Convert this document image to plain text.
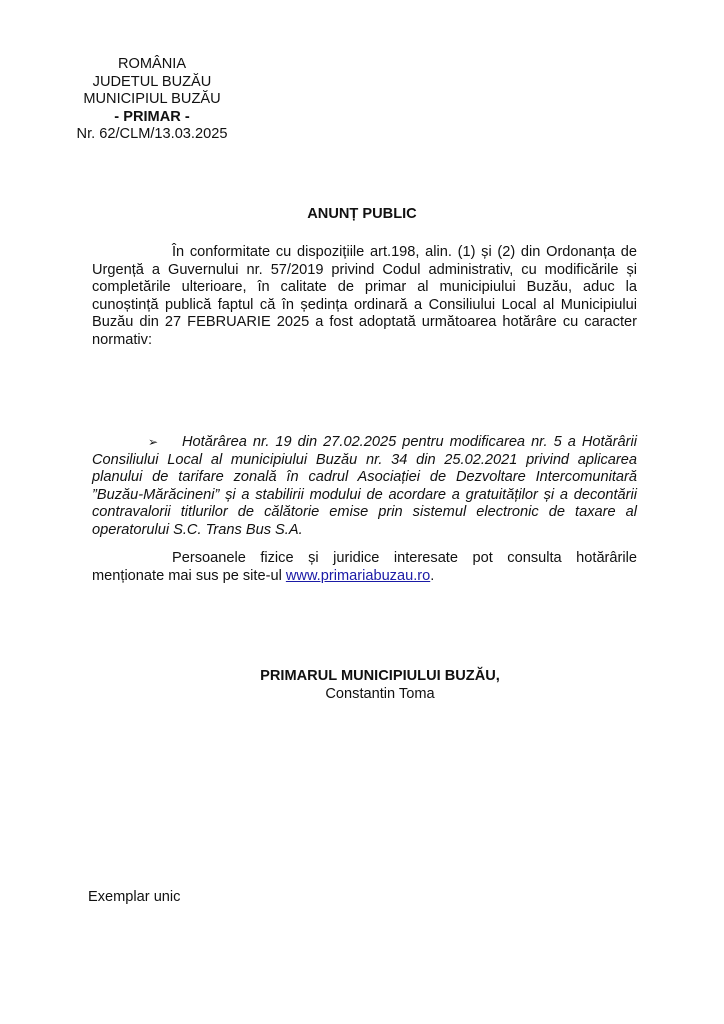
ROMÂNIA
JUDETUL BUZĂU
MUNICIPIUL BUZĂU
- PRIMAR -
Nr. 62/CLM/13.03.2025
ANUNȚ PUBLIC
În conformitate cu dispozițiile art.198, alin. (1) și (2) din Ordonanța de Urgență a Guvernului nr. 57/2019 privind Codul administrativ, cu modificările și completările ulterioare, în calitate de primar al municipiului Buzău, aduc la cunoștință publică faptul că în ședința ordinară a Consiliului Local al Municipiului Buzău din 27 FEBRUARIE 2025 a fost adoptată următoarea hotărâre cu caracter normativ:
➢ Hotărârea nr. 19 din 27.02.2025 pentru modificarea nr. 5 a Hotărârii Consiliului Local al municipiului Buzău nr. 34 din 25.02.2021 privind aplicarea planului de tarifare zonală în cadrul Asociației de Dezvoltare Intercomunitară ”Buzău-Mărăcineni” și a stabilirii modului de acordare a gratuităților și a decontării contravalorii titlurilor de călătorie emise prin sistemul electronic de taxare al operatorului S.C. Trans Bus S.A.
Persoanele fizice și juridice interesate pot consulta hotărârile menționate mai sus pe site-ul www.primariabuzau.ro.
PRIMARUL MUNICIPIULUI BUZĂU,
Constantin Toma
Exemplar unic
